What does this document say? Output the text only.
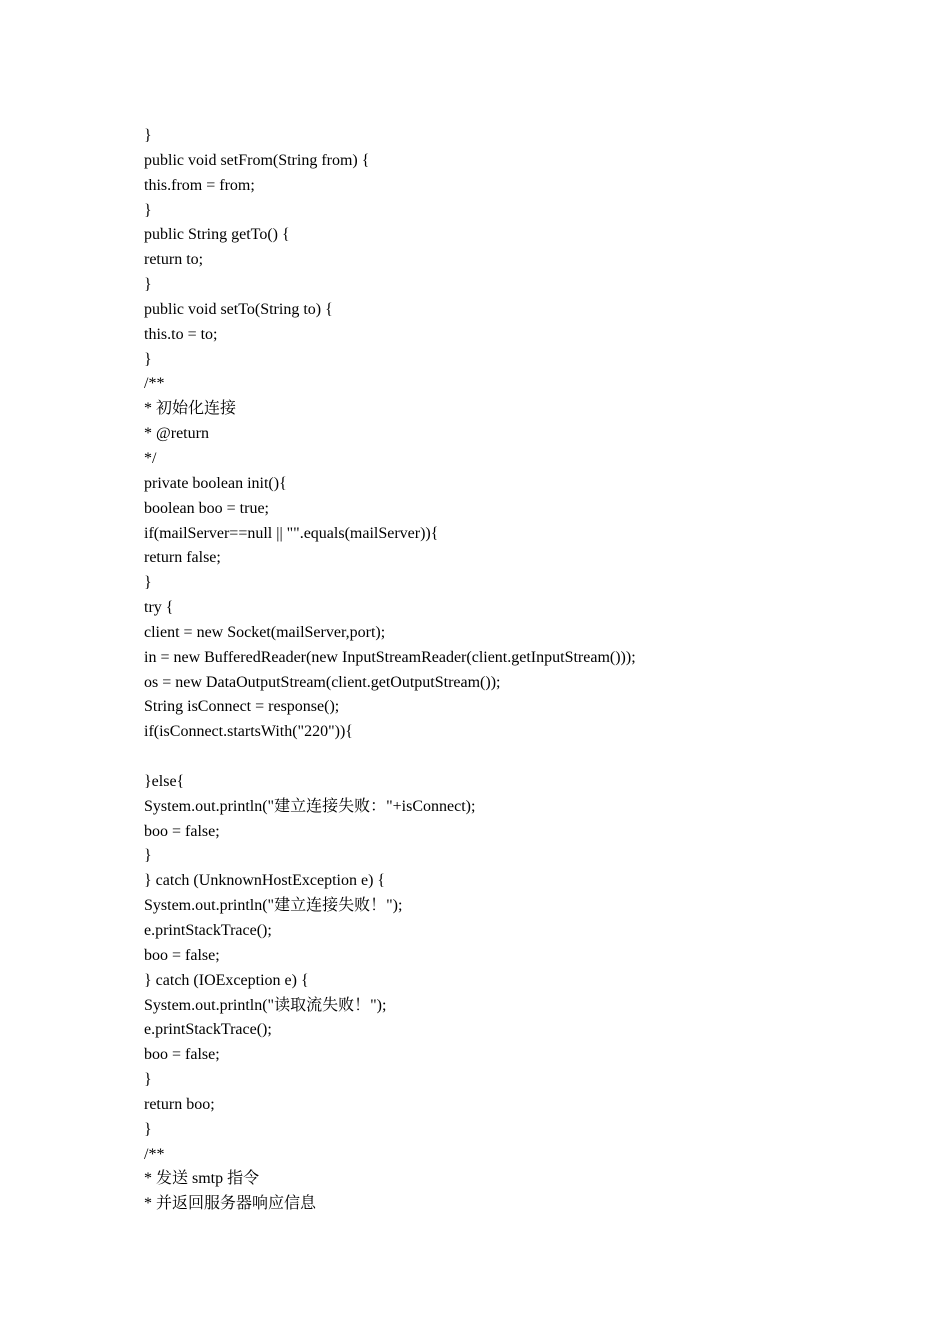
}
public void setFrom(String from) {
this.from = from;
}
public String getTo() {
return to;
}
public void setTo(String to) {
this.to = to;
}
/**
* 初始化连接
* @return
*/
private boolean init(){
boolean boo = true;
if(mailServer==null || "".equals(mailServer)){
return false;
}
try {
client = new Socket(mailServer,port);
in = new BufferedReader(new InputStreamReader(client.getInputStream()));
os = new DataOutputStream(client.getOutputStream());
String isConnect = response();
if(isConnect.startsWith("220")){
}else{
System.out.println("建立连接失败："+isConnect);
boo = false;
}
} catch (UnknownHostException e) {
System.out.println("建立连接失败！");
e.printStackTrace();
boo = false;
} catch (IOException e) {
System.out.println("读取流失败！");
e.printStackTrace();
boo = false;
}
return boo;
}
/**
* 发送 smtp 指令
* 并返回服务器响应信息
